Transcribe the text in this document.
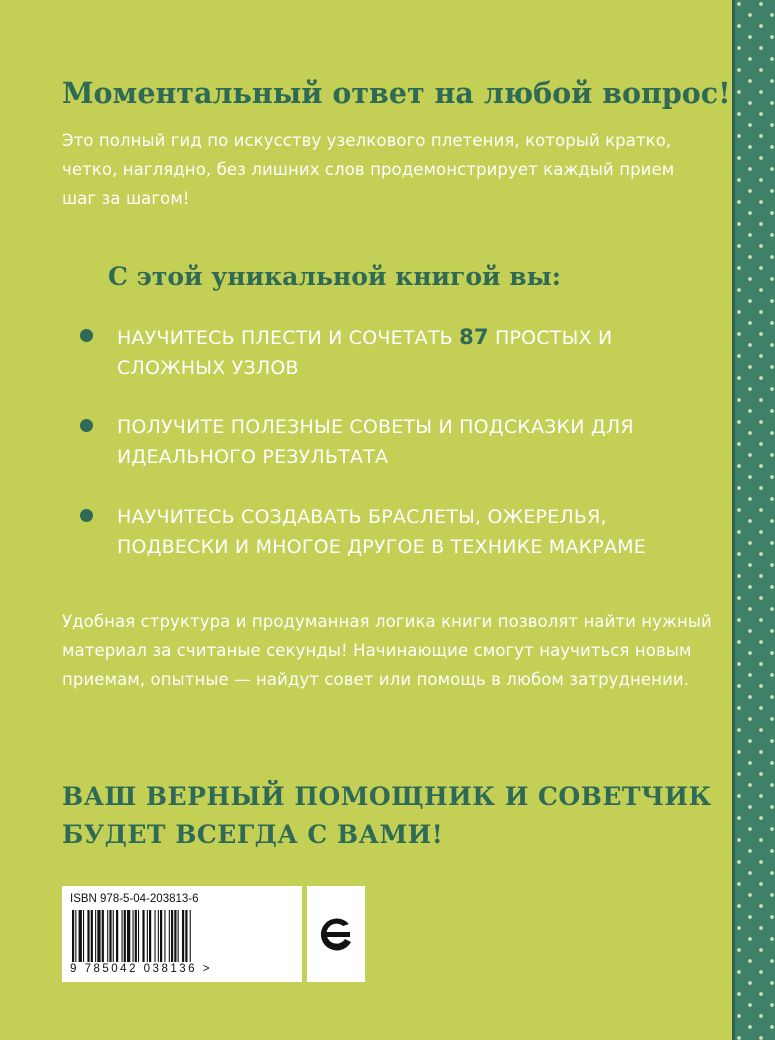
Моментальный ответ на любой вопрос!
Это полный гид по искусству узелкового плетения, который кратко, четко, наглядно, без лишних слов продемонстрирует каждый прием шаг за шагом!
С этой уникальной книгой вы:
НАУЧИТЕСЬ ПЛЕСТИ И СОЧЕТАТЬ 87 ПРОСТЫХ И СЛОЖНЫХ УЗЛОВ
ПОЛУЧИТЕ ПОЛЕЗНЫЕ СОВЕТЫ И ПОДСКАЗКИ ДЛЯ ИДЕАЛЬНОГО РЕЗУЛЬТАТА
НАУЧИТЕСЬ СОЗДАВАТЬ БРАСЛЕТЫ, ОЖЕРЕЛЬЯ, ПОДВЕСКИ И МНОГОЕ ДРУГОЕ В ТЕХНИКЕ МАКРАМЕ
Удобная структура и продуманная логика книги позволят найти нужный материал за считаные секунды! Начинающие смогут научиться новым приемам, опытные — найдут совет или помощь в любом затруднении.
ВАШ ВЕРНЫЙ ПОМОЩНИК И СОВЕТЧИК
БУДЕТ ВСЕГДА С ВАМИ!
ISBN 978-5-04-203813-6
9 785042 038136 >
